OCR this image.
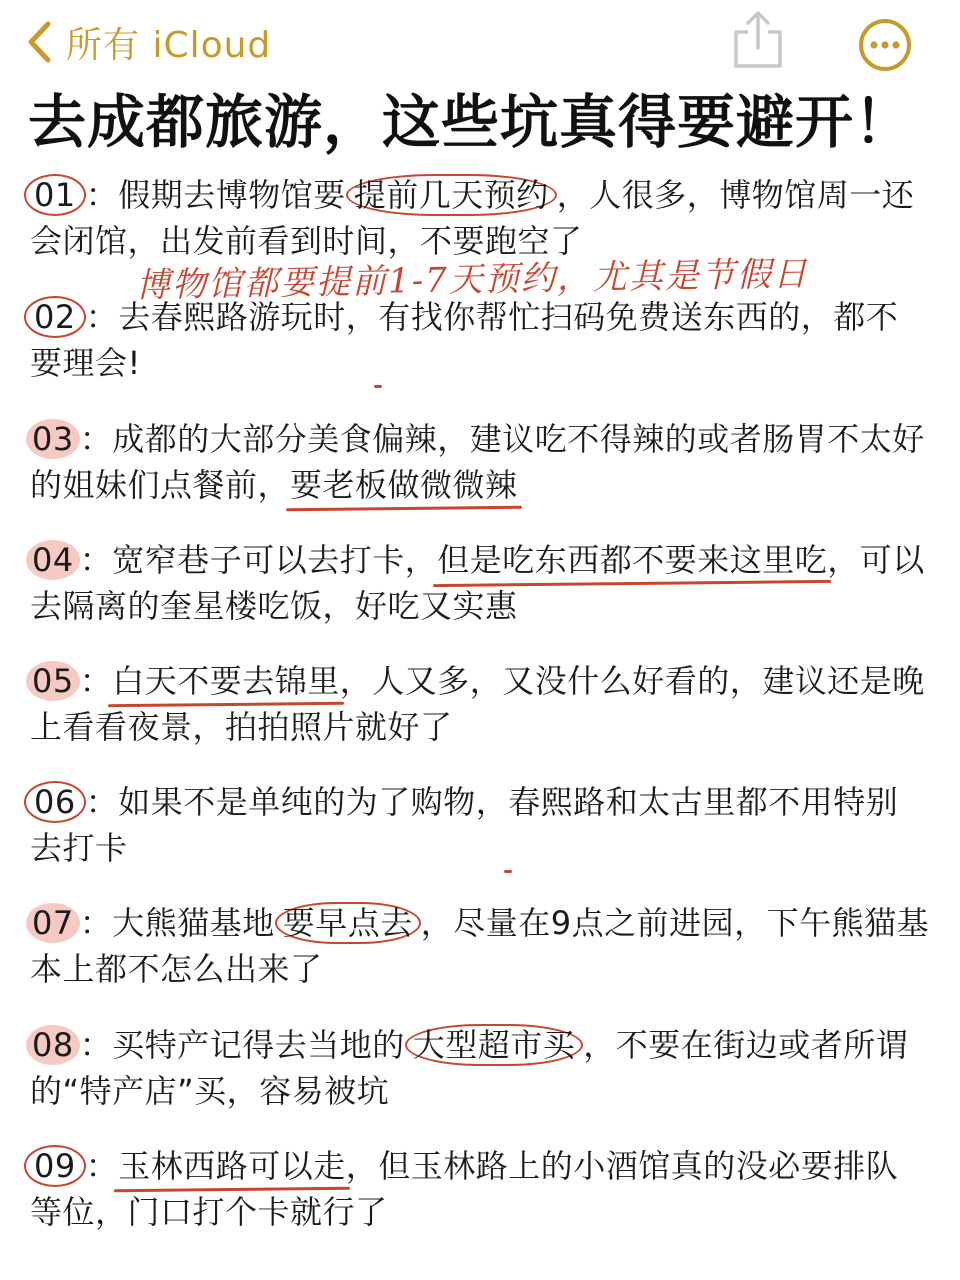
所有 iCloud
去成都旅游，这些坑真得要避开！
博物馆都要提前1-7天预约，尤其是节假日
01 ：假期去博物馆要 提前几天预约 ，人很多，博物馆周一还会闭馆，出发前看到时间，不要跑空了
02 ：去春熙路游玩时，有找你帮忙扫码免费送东西的，都不要理会!
03 ：成都的大部分美食偏辣，建议吃不得辣的或者肠胃不太好的姐妹们点餐前，要老板做微微辣
04 ：宽窄巷子可以去打卡，但是吃东西都不要来这里吃，可以去隔离的奎星楼吃饭，好吃又实惠
05 ：白天不要去锦里，人又多，又没什么好看的，建议还是晚上看看夜景，拍拍照片就好了
06 ：如果不是单纯的为了购物，春熙路和太古里都不用特别去打卡
07 ：大熊猫基地 要早点去 ，尽量在9点之前进园，下午熊猫基本上都不怎么出来了
08 ：买特产记得去当地的 大型超市买 ，不要在街边或者所谓的“特产店”买，容易被坑
09 ：玉林西路可以走，但玉林路上的小酒馆真的没必要排队等位，门口打个卡就行了
